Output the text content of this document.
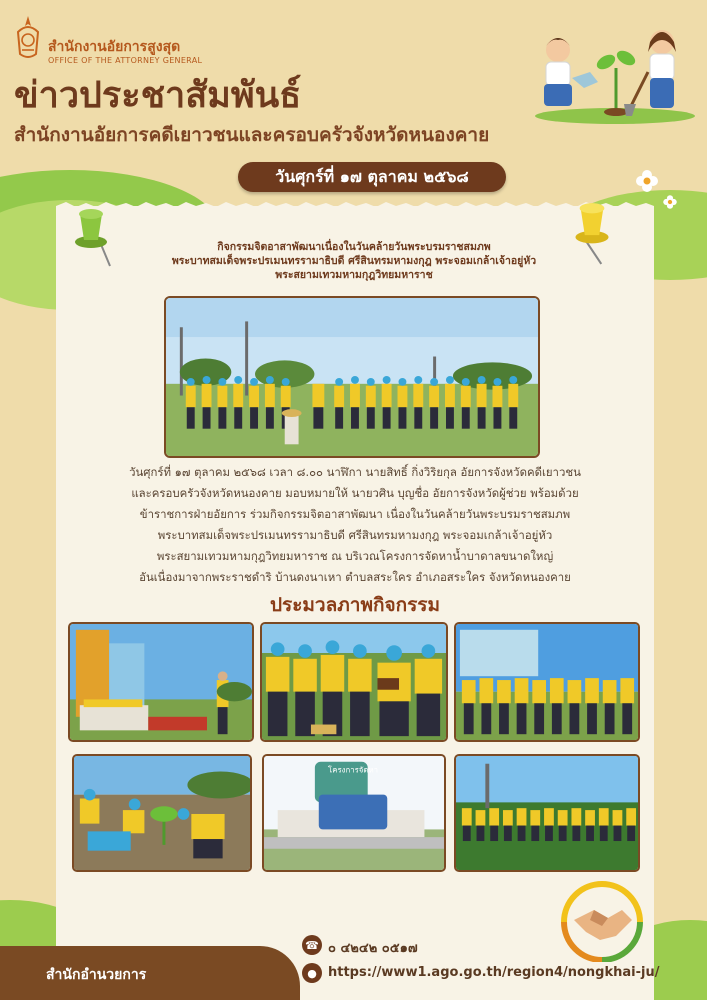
สำนักงานอัยการสูงสุด
OFFICE OF THE ATTORNEY GENERAL
ข่าวประชาสัมพันธ์
สำนักงานอัยการคดีเยาวชนและครอบครัวจังหวัดหนองคาย
วันศุกร์ที่ ๑๗ ตุลาคม ๒๕๖๘
กิจกรรมจิตอาสาพัฒนาเนื่องในวันคล้ายวันพระบรมราชสมภพ
พระบาทสมเด็จพระปรเมนทรรามาธิบดี ศรีสินทรมหามงกุฎ พระจอมเกล้าเจ้าอยู่หัว
พระสยามเทวมหามกุฎวิทยมหาราช
วันศุกร์ที่ ๑๗ ตุลาคม ๒๕๖๘ เวลา ๘.๐๐ นาฬิกา นายสิทธิ์ กิ่งวิริยกุล อัยการจังหวัดคดีเยาวชน
และครอบครัวจังหวัดหนองคาย มอบหมายให้ นายวศิน บุญชื่อ อัยการจังหวัดผู้ช่วย พร้อมด้วย
ข้าราชการฝ่ายอัยการ ร่วมกิจกรรมจิตอาสาพัฒนา เนื่องในวันคล้ายวันพระบรมราชสมภพ
พระบาทสมเด็จพระปรเมนทรรามาธิบดี ศรีสินทรมหามงกุฎ พระจอมเกล้าเจ้าอยู่หัว
พระสยามเทวมหามกุฎวิทยมหาราช ณ บริเวณโครงการจัดหาน้ำบาดาลขนาดใหญ่
อันเนื่องมาจากพระราชดำริ บ้านดงนาเหา ตำบลสระใคร อำเภอสระใคร จังหวัดหนองคาย
ประมวลภาพกิจกรรม
โครงการจัดหา
สำนักอำนวยการ
☎ ๐ ๔๒๔๒ ๐๕๑๗
● https://www1.ago.go.th/region4/nongkhai-ju/
